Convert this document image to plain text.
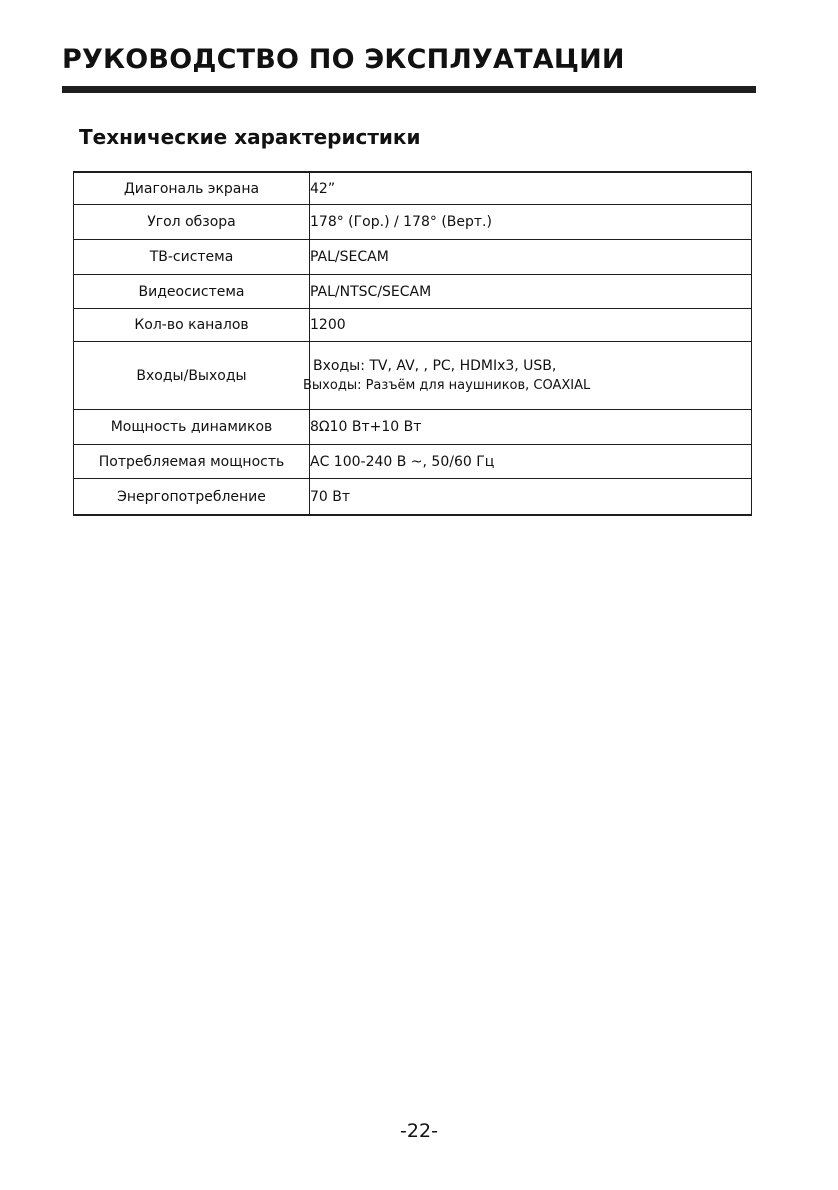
РУКОВОДСТВО ПО ЭКСПЛУАТАЦИИ
Технические характеристики
Диагональ экрана	42”
Угол обзора	178° (Гор.) / 178° (Верт.)
ТВ-система	PAL/SECAM
Видеосистема	PAL/NTSC/SECAM
Кол-во каналов	1200
Входы/Выходы	Входы: TV, AV, , PC, HDMIx3, USB,
Выходы: Разъём для наушников, COAXIAL

Мощность динамиков	8Ω10 Вт+10 Вт
Потребляемая мощность	АС 100-240 В ~, 50/60 Гц
Энергопотребление	70 Вт
-22-
